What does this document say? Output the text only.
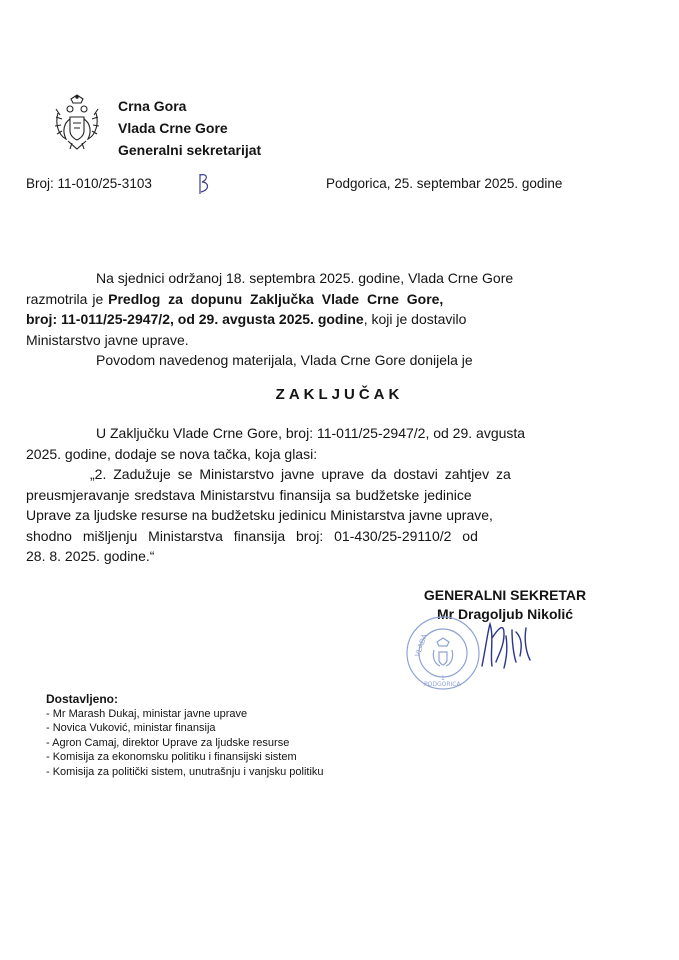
Crna Gora
Vlada Crne Gore
Generalni sekretarijat
Broj: 11-010/25-3103	Podgorica, 25. septembar 2025. godine
Na sjednici održanoj 18. septembra 2025. godine, Vlada Crne Gore
razmotrila je Predlog za dopunu Zaključka Vlade Crne Gore,
broj: 11-011/25-2947/2, od 29. avgusta 2025. godine, koji je dostavilo
Ministarstvo javne uprave.
Povodom navedenog materijala, Vlada Crne Gore donijela je
ZAKLJUČAK
U Zaključku Vlade Crne Gore, broj: 11-011/25-2947/2, od 29. avgusta
2025. godine, dodaje se nova tačka, koja glasi:
„2. Zadužuje se Ministarstvo javne uprave da dostavi zahtjev za
preusmjeravanje sredstava Ministarstvu finansija sa budžetske jedinice
Uprave za ljudske resurse na budžetsku jedinicu Ministarstva javne uprave,
shodno mišljenju Ministarstva finansija broj: 01-430/25-29110/2 od
28. 8. 2025. godine.“
GENERALNI SEKRETAR
Mr Dragoljub Nikolić
VLADA
PODGORICA
1
Dostavljeno:
- Mr Marash Dukaj, ministar javne uprave
- Novica Vuković, ministar finansija
- Agron Camaj, direktor Uprave za ljudske resurse
- Komisija za ekonomsku politiku i finansijski sistem
- Komisija za politički sistem, unutrašnju i vanjsku politiku
